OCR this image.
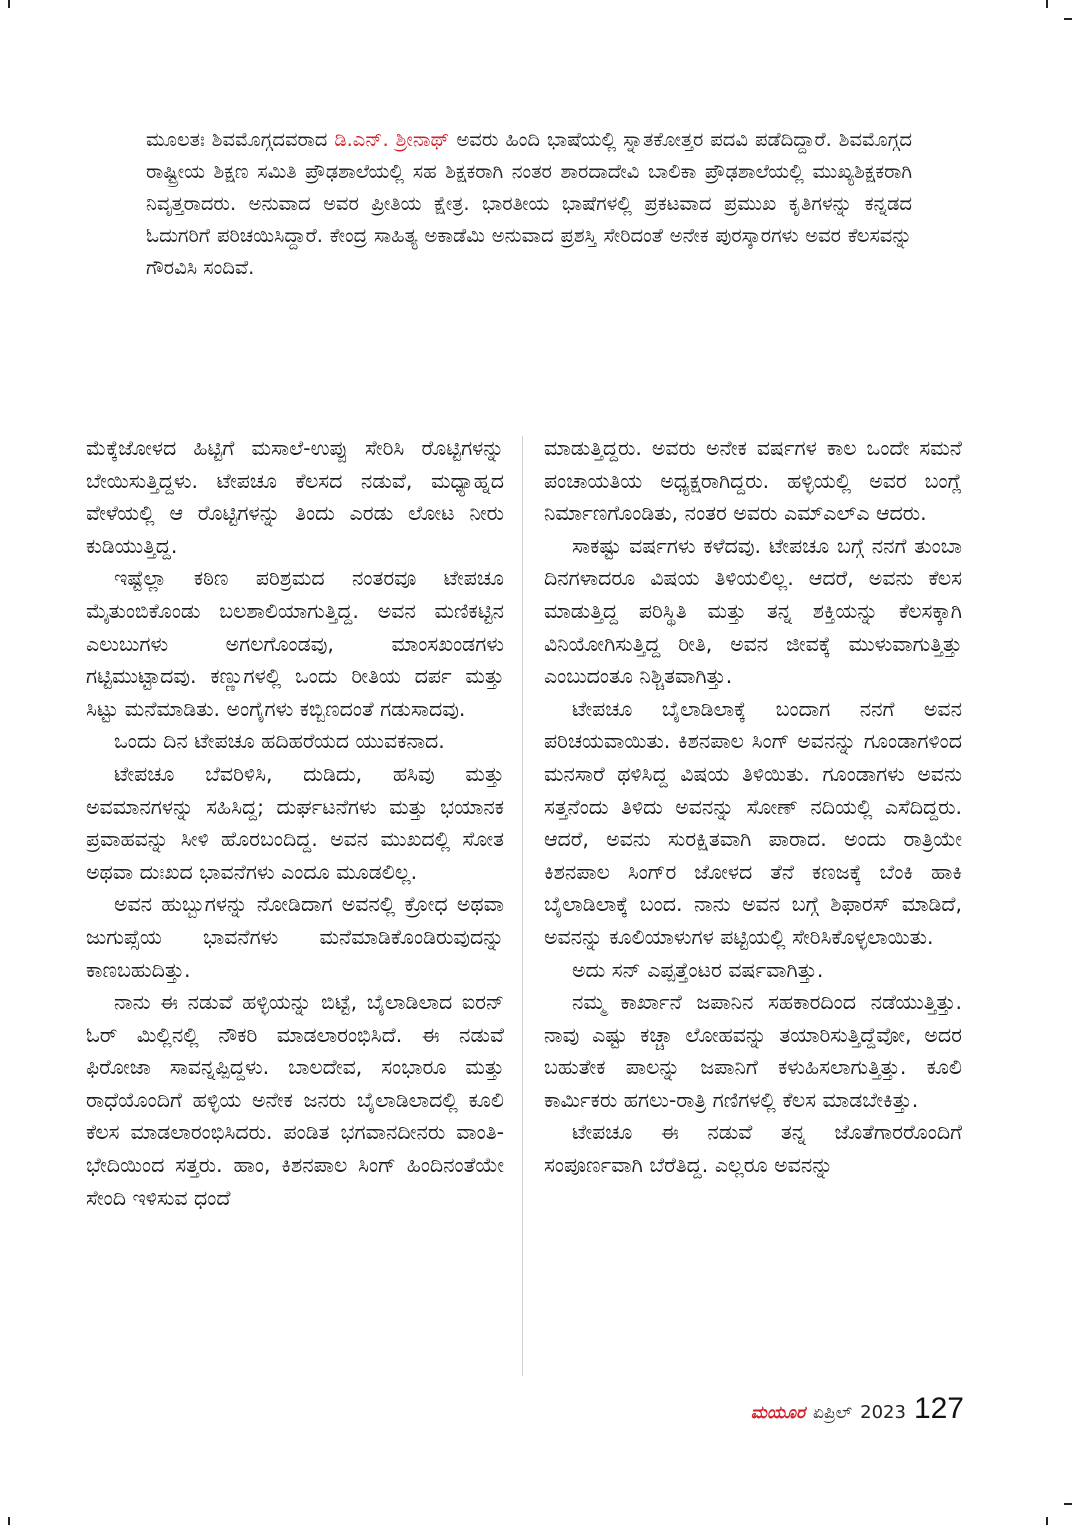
ಮೂಲತಃ ಶಿವಮೊಗ್ಗದವರಾದ ಡಿ.ಎನ್. ಶ್ರೀನಾಥ್ ಅವರು ಹಿಂದಿ ಭಾಷೆಯಲ್ಲಿ ಸ್ನಾತಕೋತ್ತರ ಪದವಿ ಪಡೆದಿದ್ದಾರೆ. ಶಿವಮೊಗ್ಗದ ರಾಷ್ಟ್ರೀಯ ಶಿಕ್ಷಣ ಸಮಿತಿ ಪ್ರೌಢಶಾಲೆಯಲ್ಲಿ ಸಹ ಶಿಕ್ಷಕರಾಗಿ ನಂತರ ಶಾರದಾದೇವಿ ಬಾಲಿಕಾ ಪ್ರೌಢಶಾಲೆಯಲ್ಲಿ ಮುಖ್ಯಶಿಕ್ಷಕರಾಗಿ ನಿವೃತ್ತರಾದರು. ಅನುವಾದ ಅವರ ಪ್ರೀತಿಯ ಕ್ಷೇತ್ರ. ಭಾರತೀಯ ಭಾಷೆಗಳಲ್ಲಿ ಪ್ರಕಟವಾದ ಪ್ರಮುಖ ಕೃತಿಗಳನ್ನು ಕನ್ನಡದ ಓದುಗರಿಗೆ ಪರಿಚಯಿಸಿದ್ದಾರೆ. ಕೇಂದ್ರ ಸಾಹಿತ್ಯ ಅಕಾಡೆಮಿ ಅನುವಾದ ಪ್ರಶಸ್ತಿ ಸೇರಿದಂತೆ ಅನೇಕ ಪುರಸ್ಕಾರಗಳು ಅವರ ಕೆಲಸವನ್ನು ಗೌರವಿಸಿ ಸಂದಿವೆ.

ಮೆಕ್ಕೆಜೋಳದ ಹಿಟ್ಟಿಗೆ ಮಸಾಲೆ-ಉಪ್ಪು ಸೇರಿಸಿ ರೊಟ್ಟಿಗಳನ್ನು ಬೇಯಿಸುತ್ತಿದ್ದಳು. ಟೇಪಚೂ ಕೆಲಸದ ನಡುವೆ, ಮಧ್ಯಾಹ್ನದ ವೇಳೆಯಲ್ಲಿ ಆ ರೊಟ್ಟಿಗಳನ್ನು ತಿಂದು ಎರಡು ಲೋಟ ನೀರು ಕುಡಿಯುತ್ತಿದ್ದ.

ಇಷ್ಟೆಲ್ಲಾ ಕಠಿಣ ಪರಿಶ್ರಮದ ನಂತರವೂ ಟೇಪಚೂ ಮೈತುಂಬಿಕೊಂಡು ಬಲಶಾಲಿಯಾಗುತ್ತಿದ್ದ. ಅವನ ಮಣಿಕಟ್ಟಿನ ಎಲುಬುಗಳು ಅಗಲಗೊಂಡವು, ಮಾಂಸಖಂಡಗಳು ಗಟ್ಟಿಮುಟ್ಟಾದವು. ಕಣ್ಣುಗಳಲ್ಲಿ ಒಂದು ರೀತಿಯ ದರ್ಪ ಮತ್ತು ಸಿಟ್ಟು ಮನೆಮಾಡಿತು. ಅಂಗೈಗಳು ಕಬ್ಬಿಣದಂತೆ ಗಡುಸಾದವು.

ಒಂದು ದಿನ ಟೇಪಚೂ ಹದಿಹರೆಯದ ಯುವಕನಾದ.

ಟೇಪಚೂ ಬೆವರಿಳಿಸಿ, ದುಡಿದು, ಹಸಿವು ಮತ್ತು ಅವಮಾನಗಳನ್ನು ಸಹಿಸಿದ್ದ; ದುರ್ಘಟನೆಗಳು ಮತ್ತು ಭಯಾನಕ ಪ್ರವಾಹವನ್ನು ಸೀಳಿ ಹೊರಬಂದಿದ್ದ. ಅವನ ಮುಖದಲ್ಲಿ ಸೋತ ಅಥವಾ ದುಃಖದ ಭಾವನೆಗಳು ಎಂದೂ ಮೂಡಲಿಲ್ಲ.

ಅವನ ಹುಬ್ಬುಗಳನ್ನು ನೋಡಿದಾಗ ಅವನಲ್ಲಿ ಕ್ರೋಧ ಅಥವಾ ಜುಗುಪ್ಸೆಯ ಭಾವನೆಗಳು ಮನೆಮಾಡಿಕೊಂಡಿರುವುದನ್ನು ಕಾಣಬಹುದಿತ್ತು.

ನಾನು ಈ ನಡುವೆ ಹಳ್ಳಿಯನ್ನು ಬಿಟ್ಟೆ, ಬೈಲಾಡಿಲಾದ ಐರನ್ ಓರ್ ಮಿಲ್ಲಿನಲ್ಲಿ ನೌಕರಿ ಮಾಡಲಾರಂಭಿಸಿದೆ. ಈ ನಡುವೆ ಫಿರೋಜಾ ಸಾವನ್ನಪ್ಪಿದ್ದಳು. ಬಾಲದೇವ, ಸಂಭಾರೂ ಮತ್ತು ರಾಧೆಯೊಂದಿಗೆ ಹಳ್ಳಿಯ ಅನೇಕ ಜನರು ಬೈಲಾಡಿಲಾದಲ್ಲಿ ಕೂಲಿ ಕೆಲಸ ಮಾಡಲಾರಂಭಿಸಿದರು. ಪಂಡಿತ ಭಗವಾನದೀನರು ವಾಂತಿ-ಭೇದಿಯಿಂದ ಸತ್ತರು. ಹಾಂ, ಕಿಶನಪಾಲ ಸಿಂಗ್ ಹಿಂದಿನಂತೆಯೇ ಸೇಂದಿ ಇಳಿಸುವ ಧಂದೆ

ಮಾಡುತ್ತಿದ್ದರು. ಅವರು ಅನೇಕ ವರ್ಷಗಳ ಕಾಲ ಒಂದೇ ಸಮನೆ ಪಂಚಾಯತಿಯ ಅಧ್ಯಕ್ಷರಾಗಿದ್ದರು. ಹಳ್ಳಿಯಲ್ಲಿ ಅವರ ಬಂಗ್ಲೆ ನಿರ್ಮಾಣಗೊಂಡಿತು, ನಂತರ ಅವರು ಎಮ್‌ಎಲ್‌ಎ ಆದರು.

ಸಾಕಷ್ಟು ವರ್ಷಗಳು ಕಳೆದವು. ಟೇಪಚೂ ಬಗ್ಗೆ ನನಗೆ ತುಂಬಾ ದಿನಗಳಾದರೂ ವಿಷಯ ತಿಳಿಯಲಿಲ್ಲ. ಆದರೆ, ಅವನು ಕೆಲಸ ಮಾಡುತ್ತಿದ್ದ ಪರಿಸ್ಥಿತಿ ಮತ್ತು ತನ್ನ ಶಕ್ತಿಯನ್ನು ಕೆಲಸಕ್ಕಾಗಿ ವಿನಿಯೋಗಿಸುತ್ತಿದ್ದ ರೀತಿ, ಅವನ ಜೀವಕ್ಕೆ ಮುಳುವಾಗುತ್ತಿತ್ತು ಎಂಬುದಂತೂ ನಿಶ್ಚಿತವಾಗಿತ್ತು.

ಟೇಪಚೂ ಬೈಲಾಡಿಲಾಕ್ಕೆ ಬಂದಾಗ ನನಗೆ ಅವನ ಪರಿಚಯವಾಯಿತು. ಕಿಶನಪಾಲ ಸಿಂಗ್ ಅವನನ್ನು ಗೂಂಡಾಗಳಿಂದ ಮನಸಾರೆ ಥಳಿಸಿದ್ದ ವಿಷಯ ತಿಳಿಯಿತು. ಗೂಂಡಾಗಳು ಅವನು ಸತ್ತನೆಂದು ತಿಳಿದು ಅವನನ್ನು ಸೋಣ್ ನದಿಯಲ್ಲಿ ಎಸೆದಿದ್ದರು. ಆದರೆ, ಅವನು ಸುರಕ್ಷಿತವಾಗಿ ಪಾರಾದ. ಅಂದು ರಾತ್ರಿಯೇ ಕಿಶನಪಾಲ ಸಿಂಗ್‌ರ ಜೋಳದ ತೆನೆ ಕಣಜಕ್ಕೆ ಬೆಂಕಿ ಹಾಕಿ ಬೈಲಾಡಿಲಾಕ್ಕೆ ಬಂದ. ನಾನು ಅವನ ಬಗ್ಗೆ ಶಿಫಾರಸ್ ಮಾಡಿದೆ, ಅವನನ್ನು ಕೂಲಿಯಾಳುಗಳ ಪಟ್ಟಿಯಲ್ಲಿ ಸೇರಿಸಿಕೊಳ್ಳಲಾಯಿತು.

ಅದು ಸನ್ ಎಪ್ಪತ್ತೆಂಟರ ವರ್ಷವಾಗಿತ್ತು.

ನಮ್ಮ ಕಾರ್ಖಾನೆ ಜಪಾನಿನ ಸಹಕಾರದಿಂದ ನಡೆಯುತ್ತಿತ್ತು. ನಾವು ಎಷ್ಟು ಕಚ್ಚಾ ಲೋಹವನ್ನು ತಯಾರಿಸುತ್ತಿದ್ದೆವೋ, ಅದರ ಬಹುತೇಕ ಪಾಲನ್ನು ಜಪಾನಿಗೆ ಕಳುಹಿಸಲಾಗುತ್ತಿತ್ತು. ಕೂಲಿ ಕಾರ್ಮಿಕರು ಹಗಲು-ರಾತ್ರಿ ಗಣಿಗಳಲ್ಲಿ ಕೆಲಸ ಮಾಡಬೇಕಿತ್ತು.

ಟೇಪಚೂ ಈ ನಡುವೆ ತನ್ನ ಜೊತೆಗಾರರೊಂದಿಗೆ ಸಂಪೂರ್ಣವಾಗಿ ಬೆರೆತಿದ್ದ. ಎಲ್ಲರೂ ಅವನನ್ನು

ಮಯೂರ ಏಪ್ರಿಲ್ 2023 127
